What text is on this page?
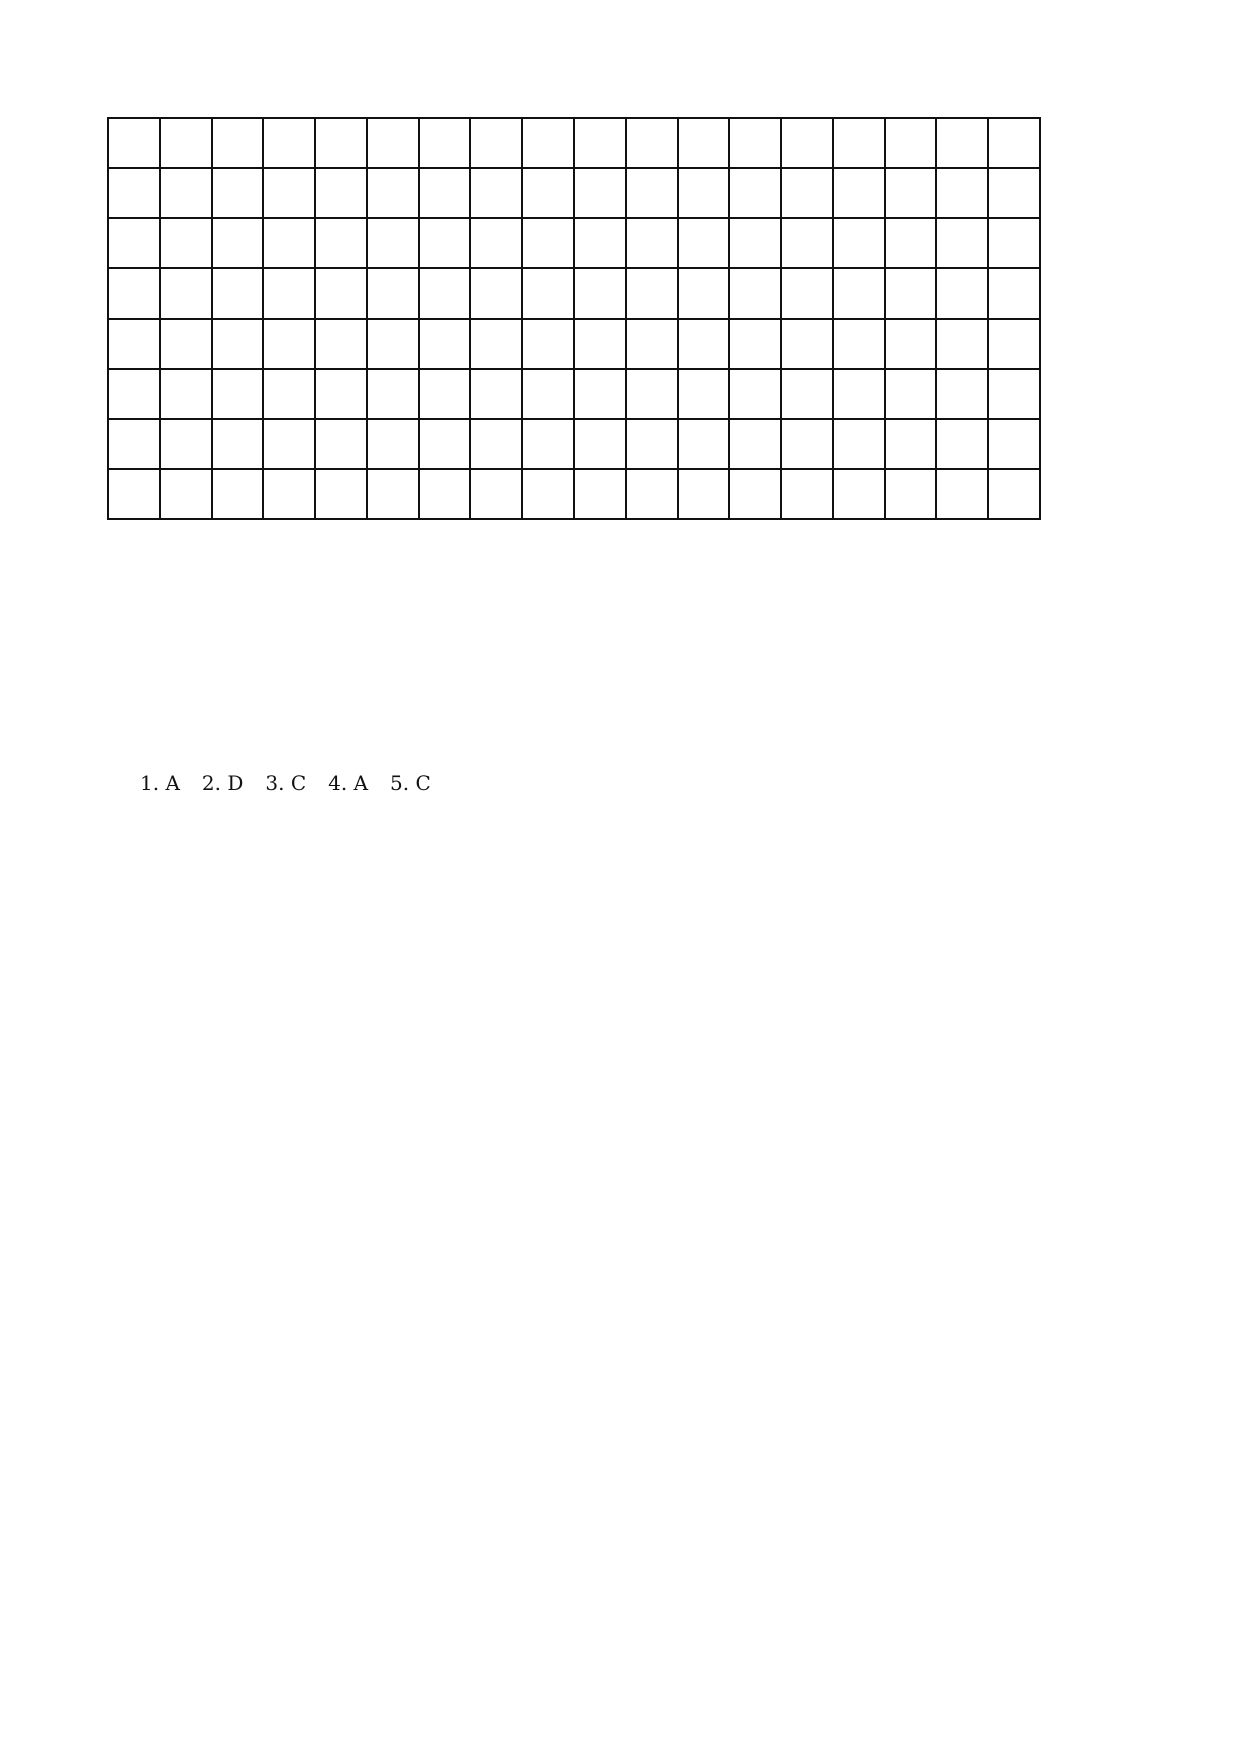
1. A 2. D 3. C 4. A 5. C
